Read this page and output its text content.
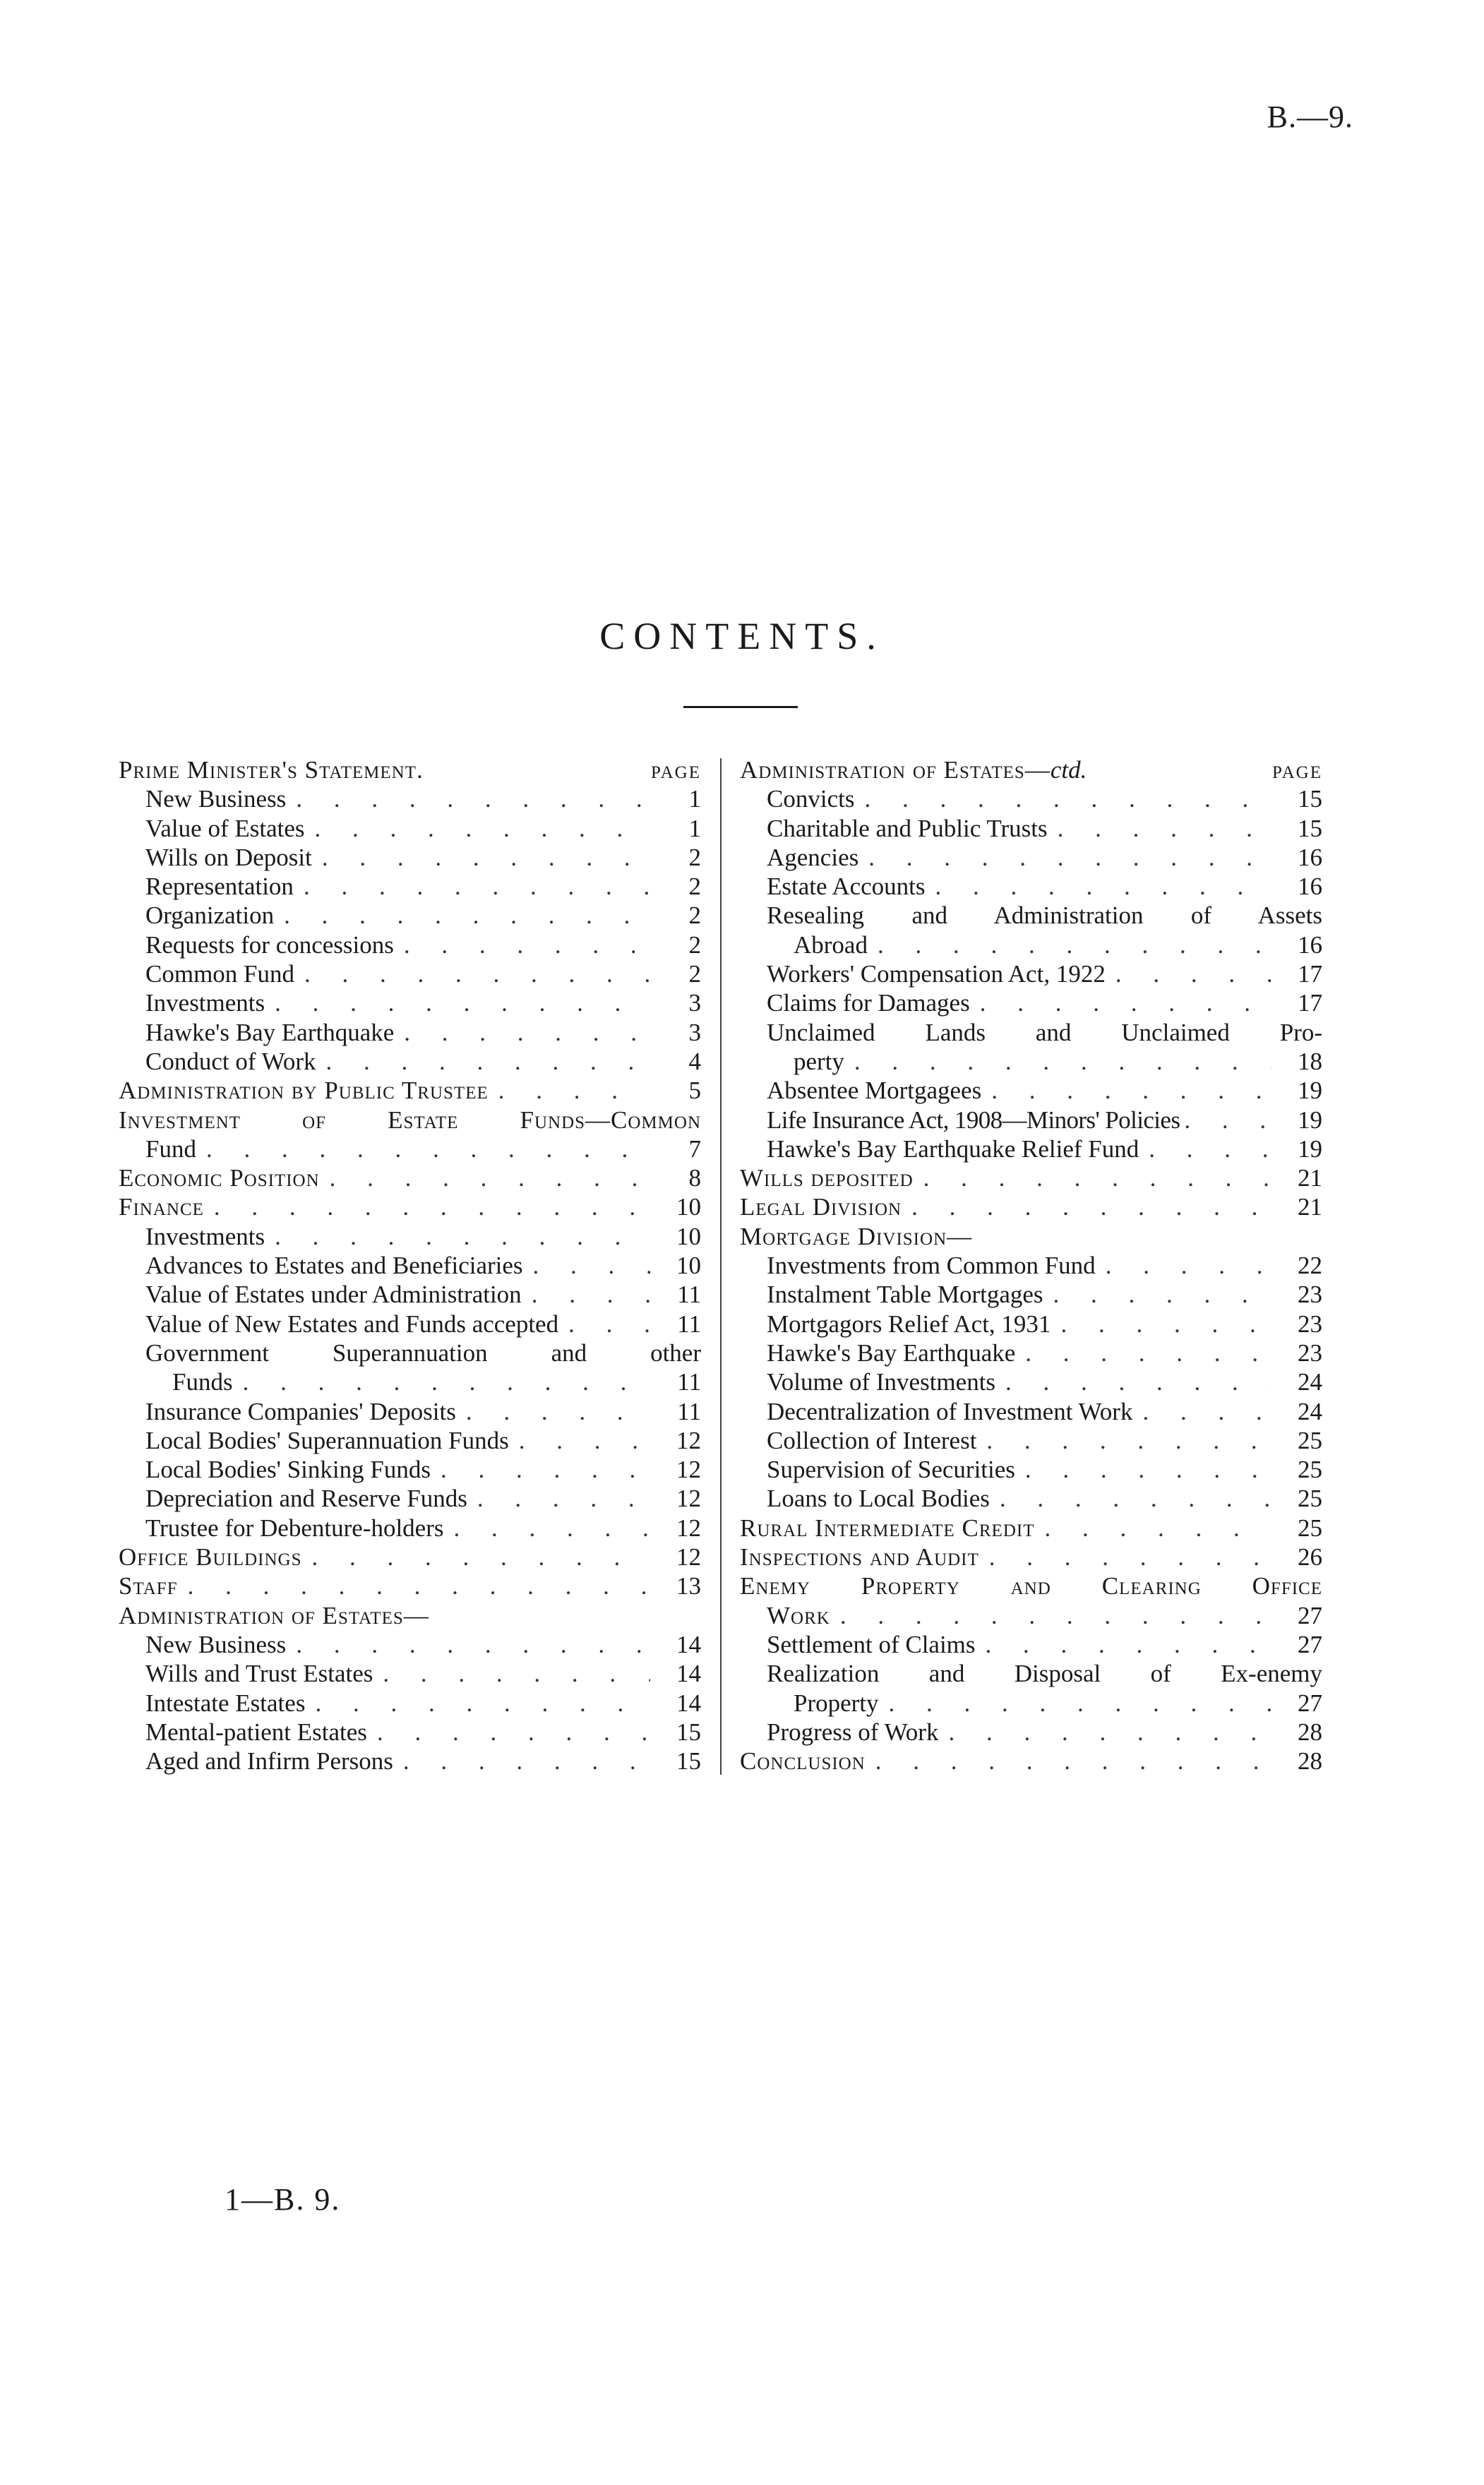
B.—9.
CONTENTS.
Prime Minister's Statement.	PAGE
New Business . . .	1
Value of Estates . . .	1
Wills on Deposit . . .	2
Representation . . .	2
Organization . . .	2
Requests for concessions . . .	2
Common Fund . . .	2
Investments . . .	3
Hawke's Bay Earthquake . . .	3
Conduct of Work . . .	4
Administration by Public Trustee . . .	5
Investment of Estate Funds—Common
Fund . . .	7
Economic Position . . .	8
Finance . . .	10
Investments . . .	10
Advances to Estates and Beneficiaries . . .	10
Value of Estates under Administration . . .	11
Value of New Estates and Funds accepted . . .	11
Government Superannuation and other
Funds . . .	11
Insurance Companies' Deposits . . .	11
Local Bodies' Superannuation Funds . . .	12
Local Bodies' Sinking Funds . . .	12
Depreciation and Reserve Funds . . .	12
Trustee for Debenture-holders . . .	12
Office Buildings . . .	12
Staff . . .	13
Administration of Estates—
New Business . . .	14
Wills and Trust Estates . . .	14
Intestate Estates . . .	14
Mental-patient Estates . . .	15
Aged and Infirm Persons . . .	15
Administration of Estates—ctd.	PAGE
Convicts . . .	15
Charitable and Public Trusts . . .	15
Agencies . . .	16
Estate Accounts . . .	16
Resealing and Administration of Assets
Abroad . . .	16
Workers' Compensation Act, 1922 . . .	17
Claims for Damages . . .	17
Unclaimed Lands and Unclaimed Pro-
perty . . .	18
Absentee Mortgagees . . .	19
Life Insurance Act, 1908—Minors' Policies . . .	19
Hawke's Bay Earthquake Relief Fund . . .	19
Wills deposited . . .	21
Legal Division . . .	21
Mortgage Division—
Investments from Common Fund . . .	22
Instalment Table Mortgages . . .	23
Mortgagors Relief Act, 1931 . . .	23
Hawke's Bay Earthquake . . .	23
Volume of Investments . . .	24
Decentralization of Investment Work . . .	24
Collection of Interest . . .	25
Supervision of Securities . . .	25
Loans to Local Bodies . . .	25
Rural Intermediate Credit . . .	25
Inspections and Audit . . .	26
Enemy Property and Clearing Office
Work . . .	27
Settlement of Claims . . .	27
Realization and Disposal of Ex-enemy
Property . . .	27
Progress of Work . . .	28
Conclusion . . .	28
1—B. 9.
